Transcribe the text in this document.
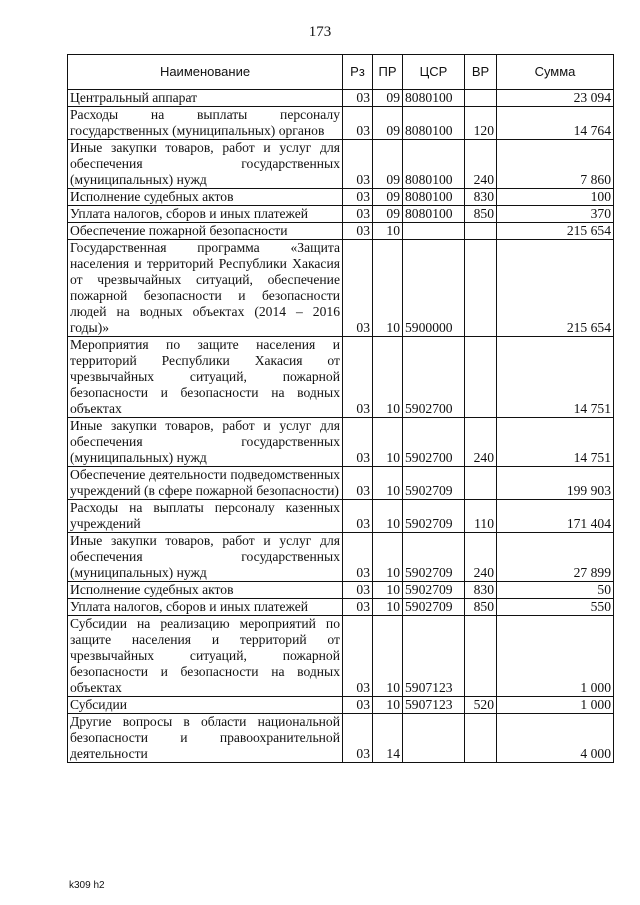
173
Наименование	Рз	ПР	ЦСР	ВР	Сумма
Центральный аппарат	03	09	8080100		23 094
Расходы на выплаты персоналу государственных (муниципальных) органов	03	09	8080100	120	14 764
Иные закупки товаров, работ и услуг для обеспечения государственных (муниципальных) нужд	03	09	8080100	240	7 860
Исполнение судебных актов	03	09	8080100	830	100
Уплата налогов, сборов и иных платежей	03	09	8080100	850	370
Обеспечение пожарной безопасности	03	10			215 654
Государственная программа «Защита населения и территорий Республики Хакасия от чрезвычайных ситуаций, обеспечение пожарной безопасности и безопасности людей на водных объектах (2014 – 2016 годы)»	03	10	5900000		215 654
Мероприятия по защите населения и территорий Республики Хакасия от чрезвычайных ситуаций, пожарной безопасности и безопасности на водных объектах	03	10	5902700		14 751
Иные закупки товаров, работ и услуг для обеспечения государственных (муниципальных) нужд	03	10	5902700	240	14 751
Обеспечение деятельности подведомственных учреждений (в сфере пожарной безопасности)	03	10	5902709		199 903
Расходы на выплаты персоналу казенных учреждений	03	10	5902709	110	171 404
Иные закупки товаров, работ и услуг для обеспечения государственных (муниципальных) нужд	03	10	5902709	240	27 899
Исполнение судебных актов	03	10	5902709	830	50
Уплата налогов, сборов и иных платежей	03	10	5902709	850	550
Субсидии на реализацию мероприятий по защите населения и территорий от чрезвычайных ситуаций, пожарной безопасности и безопасности на водных объектах	03	10	5907123		1 000
Субсидии	03	10	5907123	520	1 000
Другие вопросы в области национальной безопасности и правоохранительной деятельности	03	14			4 000
k309 h2
